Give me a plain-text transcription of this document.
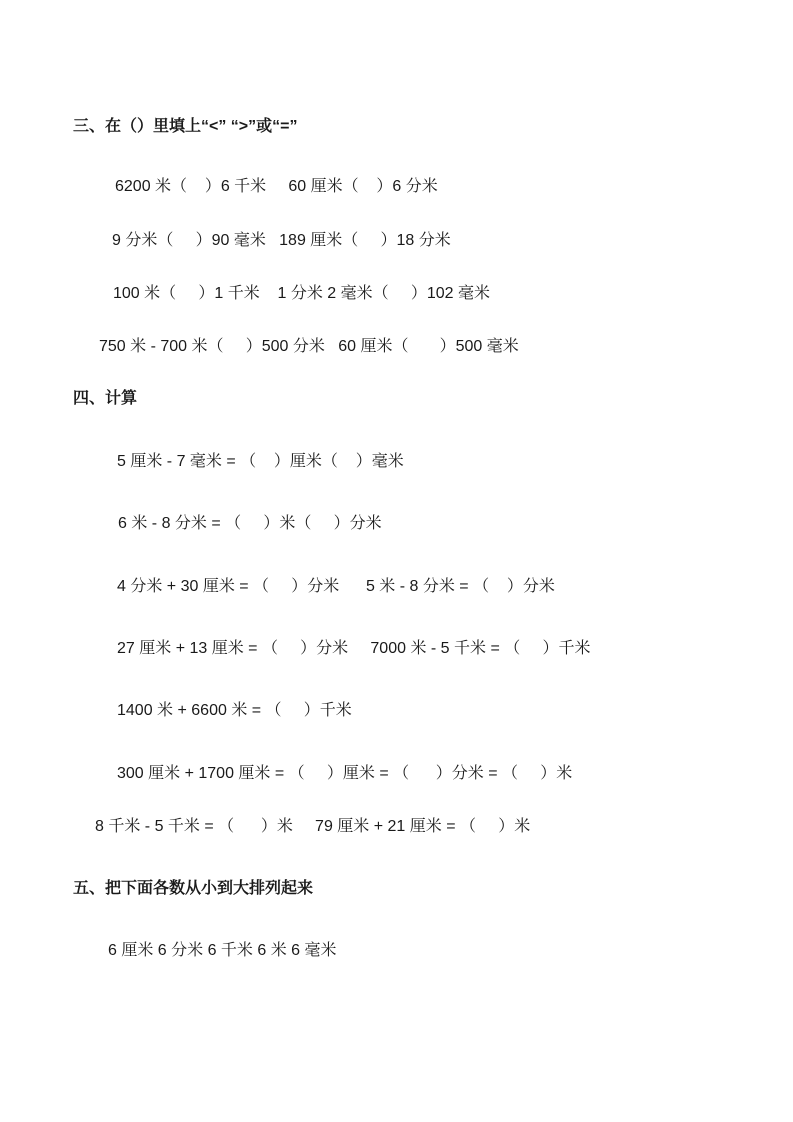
三、在（）里填上“<” “>”或“=”
6200 米（    ）6 千米     60 厘米（    ）6 分米
9 分米（     ）90 毫米   189 厘米（     ）18 分米
100 米（     ）1 千米    1 分米 2 毫米（     ）102 毫米
750 米 - 700 米（     ）500 分米   60 厘米（       ）500 毫米
四、计算
5 厘米 - 7 毫米 = （    ）厘米（    ）毫米
6 米 - 8 分米 = （     ）米（     ）分米
4 分米 + 30 厘米 = （     ）分米      5 米 - 8 分米 = （    ）分米
27 厘米 + 13 厘米 = （     ）分米     7000 米 - 5 千米 = （     ）千米
1400 米 + 6600 米 = （     ）千米
300 厘米 + 1700 厘米 = （     ）厘米 = （      ）分米 = （     ）米
8 千米 - 5 千米 = （      ）米     79 厘米 + 21 厘米 = （     ）米
五、把下面各数从小到大排列起来
6 厘米 6 分米 6 千米 6 米 6 毫米
